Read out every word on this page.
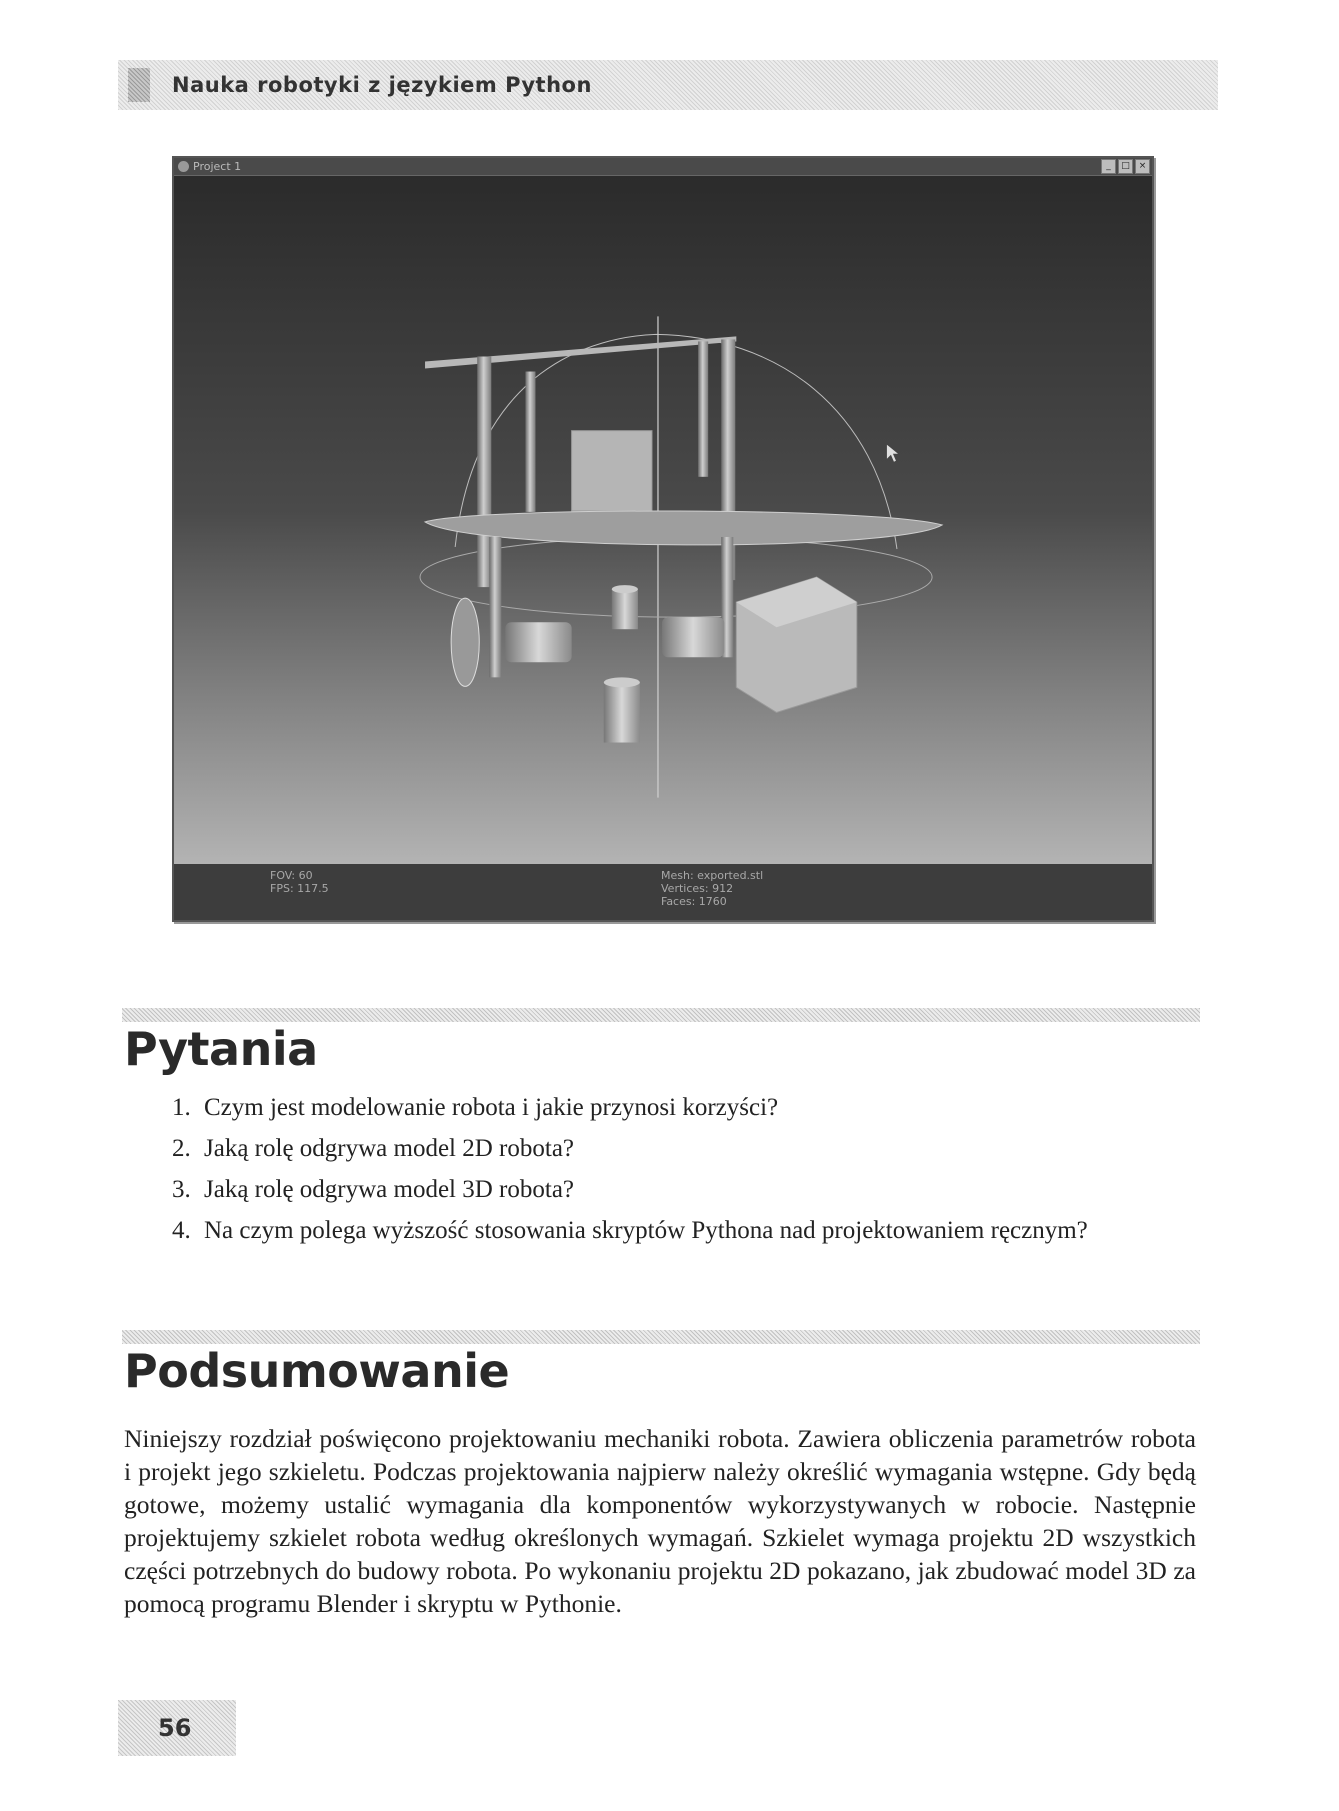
Nauka robotyki z językiem Python
Project 1	_	□ ×
FOV: 60
FPS: 117.5
Mesh: exported.stl
Vertices: 912
Faces: 1760
Pytania
1. Czym jest modelowanie robota i jakie przynosi korzyści?
2. Jaką rolę odgrywa model 2D robota?
3. Jaką rolę odgrywa model 3D robota?
4. Na czym polega wyższość stosowania skryptów Pythona nad projektowaniem ręcznym?
Podsumowanie

Niniejszy rozdział poświęcono projektowaniu mechaniki robota. Zawiera obliczenia parametrów robota i projekt jego szkieletu. Podczas projektowania najpierw należy określić wymagania wstępne. Gdy będą gotowe, możemy ustalić wymagania dla komponentów wykorzystywanych w robocie. Następnie projektujemy szkielet robota według określonych wymagań. Szkielet wymaga projektu 2D wszystkich części potrzebnych do budowy robota. Po wykonaniu projektu 2D pokazano, jak zbudować model 3D za pomocą programu Blender i skryptu w Pythonie.

56
